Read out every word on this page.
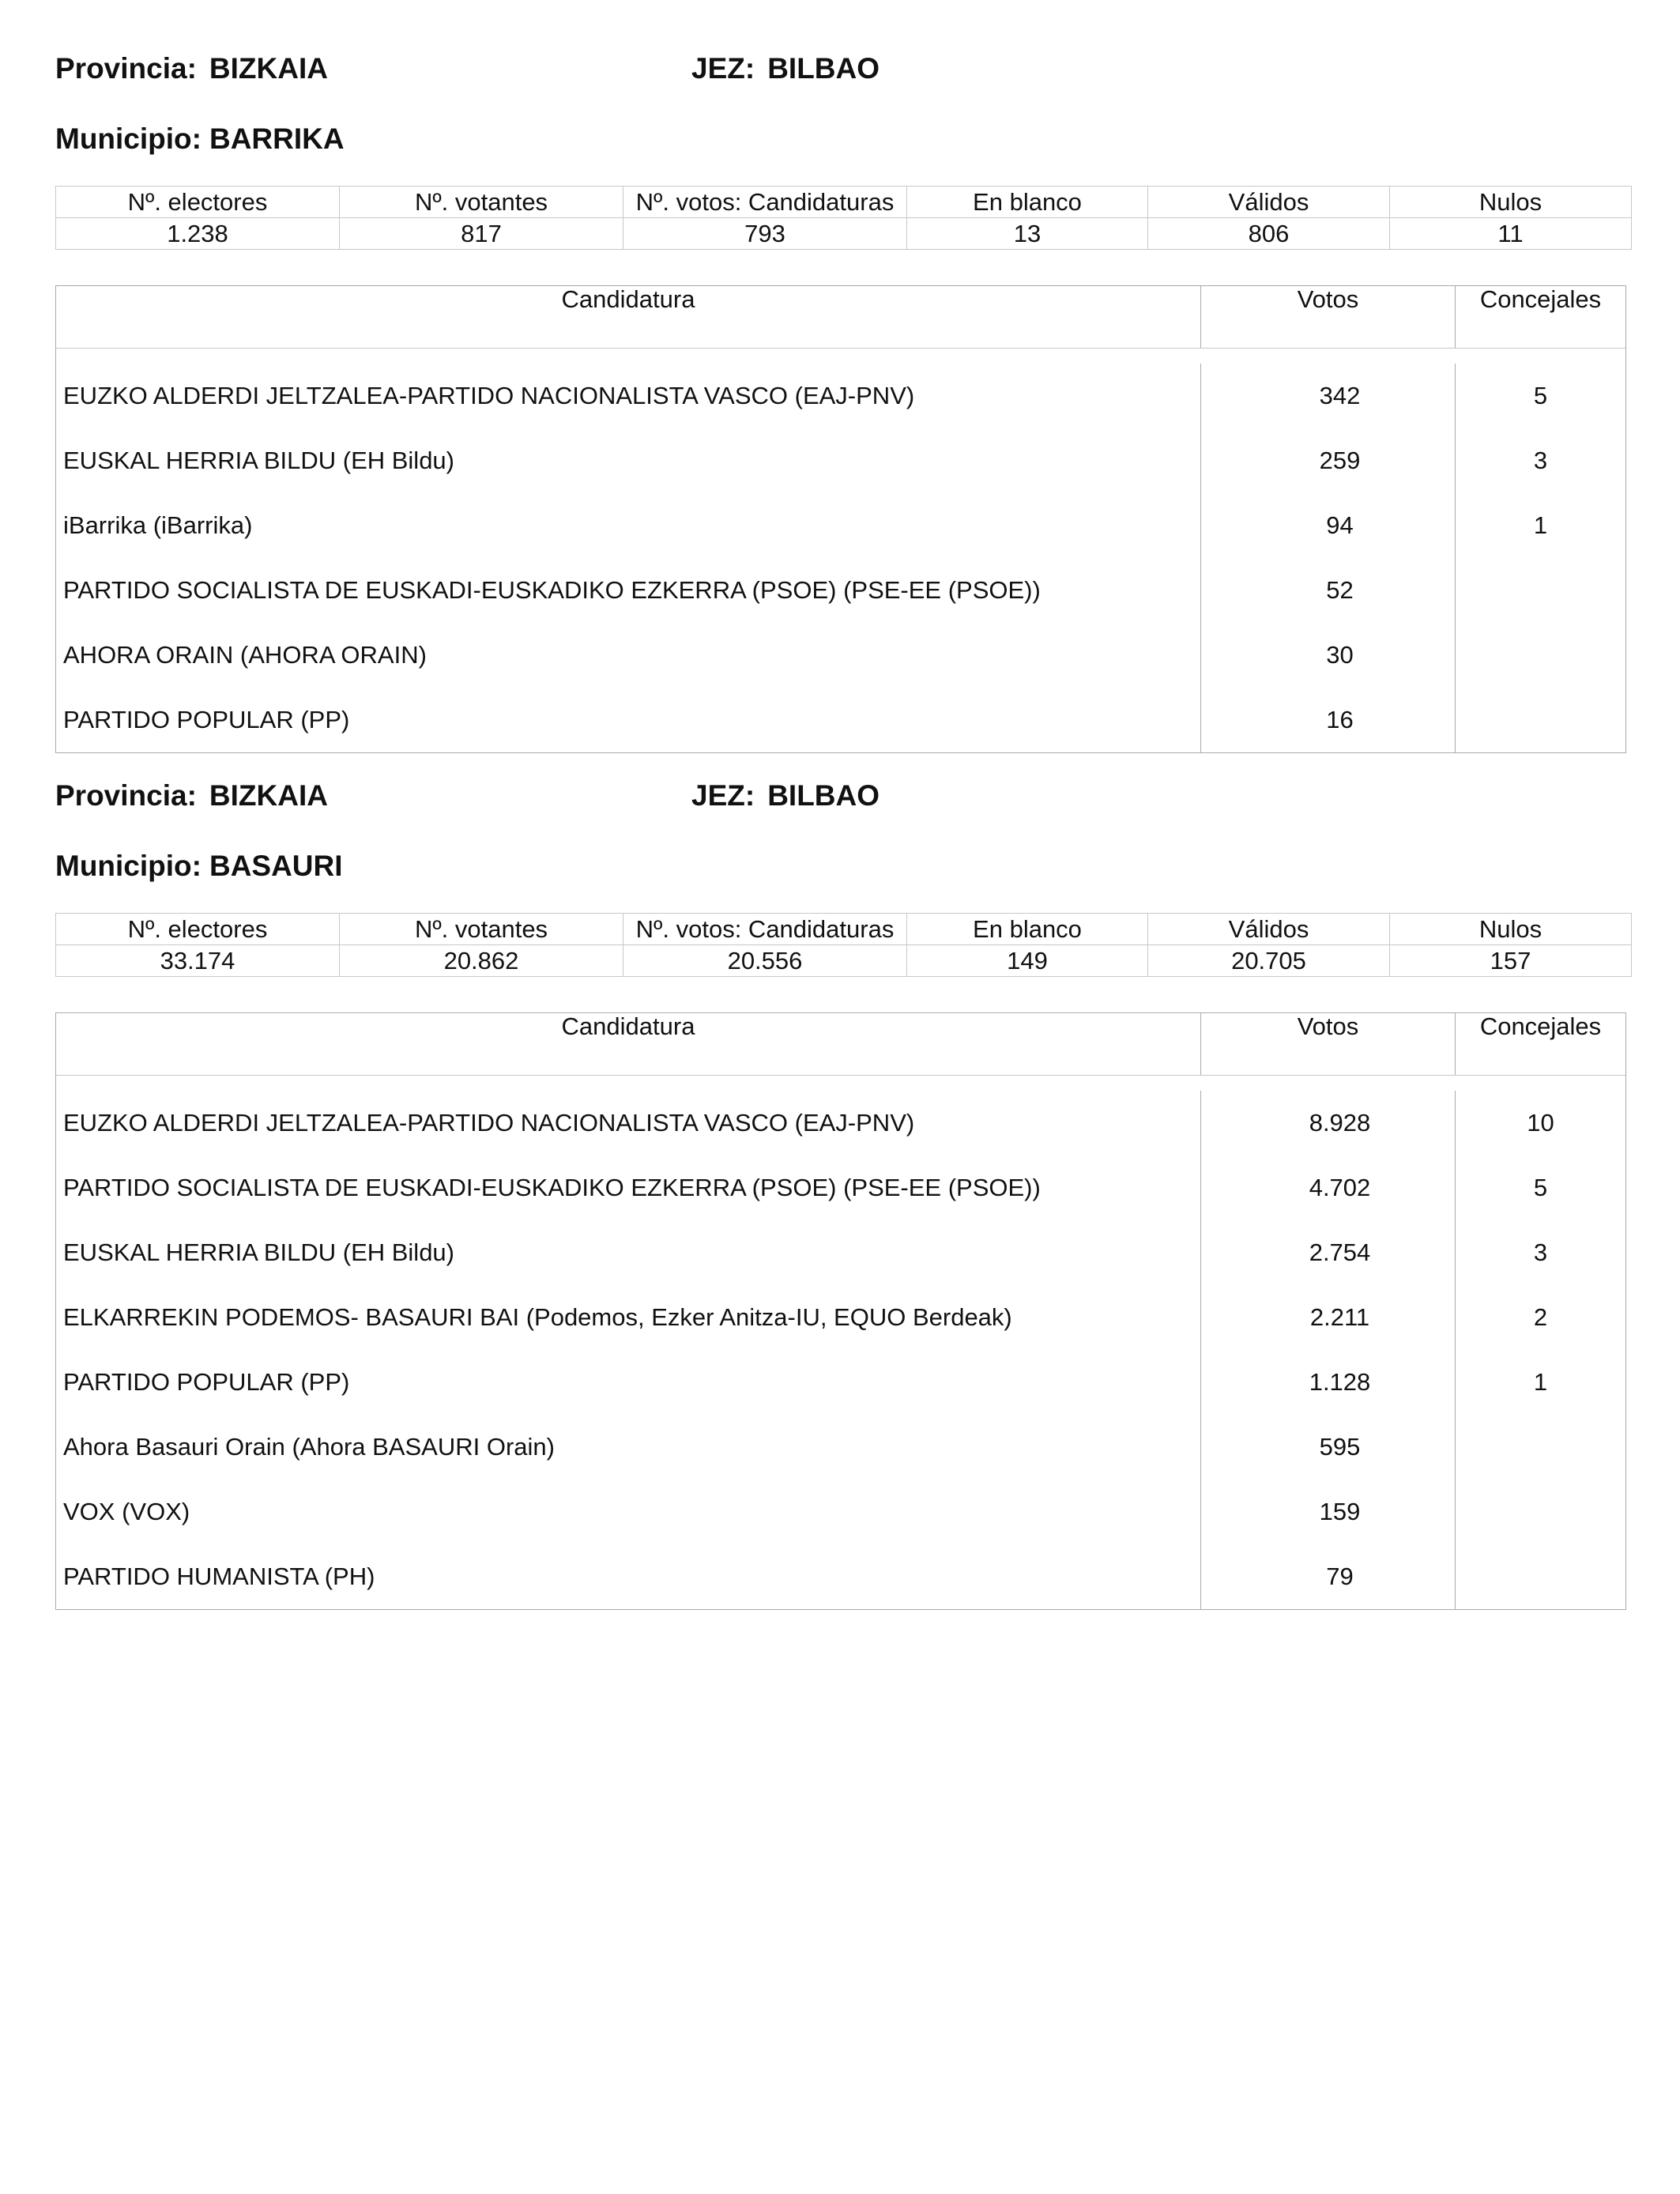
Provincia: BIZKAIA	JEZ: BILBAO
Municipio: BARRIKA
Nº. electores	Nº. votantes	Nº. votos: Candidaturas	En blanco	Válidos	Nulos
1.238	817	793	13	806	11
Candidatura	Votos	Concejales
EUZKO ALDERDI JELTZALEA-PARTIDO NACIONALISTA VASCO (EAJ-PNV)	342	5
EUSKAL HERRIA BILDU (EH Bildu)	259	3
iBarrika (iBarrika)	94	1
PARTIDO SOCIALISTA DE EUSKADI-EUSKADIKO EZKERRA (PSOE) (PSE-EE (PSOE))	52
AHORA ORAIN (AHORA ORAIN)	30
PARTIDO POPULAR (PP)	16
Provincia: BIZKAIA	JEZ: BILBAO
Municipio: BASAURI
Nº. electores	Nº. votantes	Nº. votos: Candidaturas	En blanco	Válidos	Nulos
33.174	20.862	20.556	149	20.705	157
Candidatura	Votos	Concejales
EUZKO ALDERDI JELTZALEA-PARTIDO NACIONALISTA VASCO (EAJ-PNV)	8.928	10
PARTIDO SOCIALISTA DE EUSKADI-EUSKADIKO EZKERRA (PSOE) (PSE-EE (PSOE))	4.702	5
EUSKAL HERRIA BILDU (EH Bildu)	2.754	3
ELKARREKIN PODEMOS- BASAURI BAI (Podemos, Ezker Anitza-IU, EQUO Berdeak)	2.211	2
PARTIDO POPULAR (PP)	1.128	1
Ahora Basauri Orain (Ahora BASAURI Orain)	595
VOX (VOX)	159
PARTIDO HUMANISTA (PH)	79
